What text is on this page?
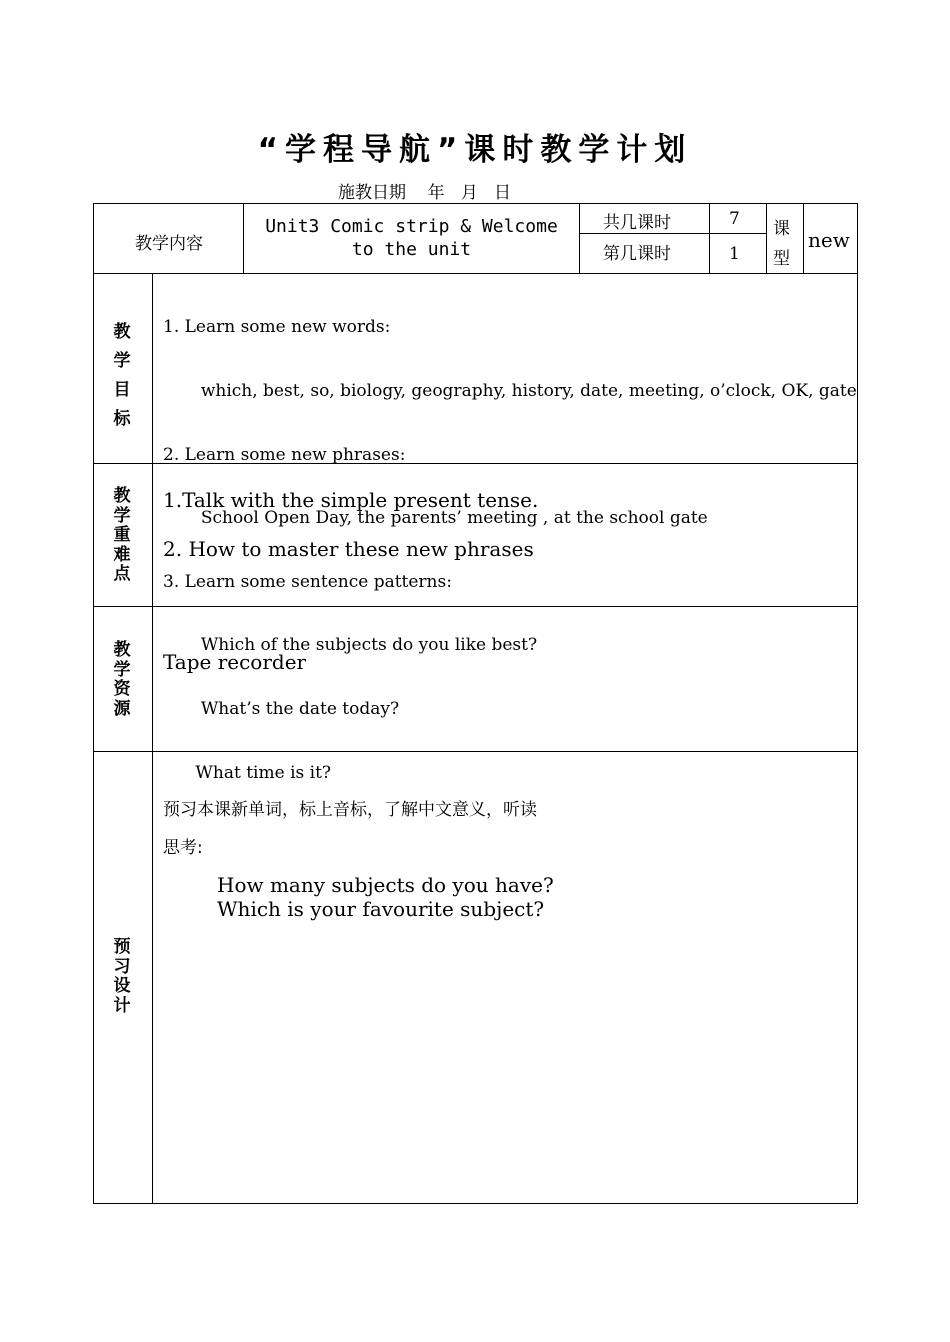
“学程导航”课时教学计划
施教日期    年   月   日
教学内容
Unit3 Comic strip & Welcome
to the unit
共几课时	7
第几课时	1
课
型
new
教
学
目
标

1. Learn some new words:

which, best, so, biology, geography, history, date, meeting, o’clock, OK, gate

2. Learn some new phrases:

School Open Day, the parents’ meeting , at the school gate

3. Learn some sentence patterns:

Which of the subjects do you like best?

What’s the date today?

What time is it?

教
学
重
难
点
1.Talk with the simple present tense.
2. How to master these new phrases
教
学
资
源
Tape recorder
预
习
设
计
预习本课新单词，标上音标，了解中文意义，听读
思考:
How many subjects do you have?
Which is your favourite subject?
